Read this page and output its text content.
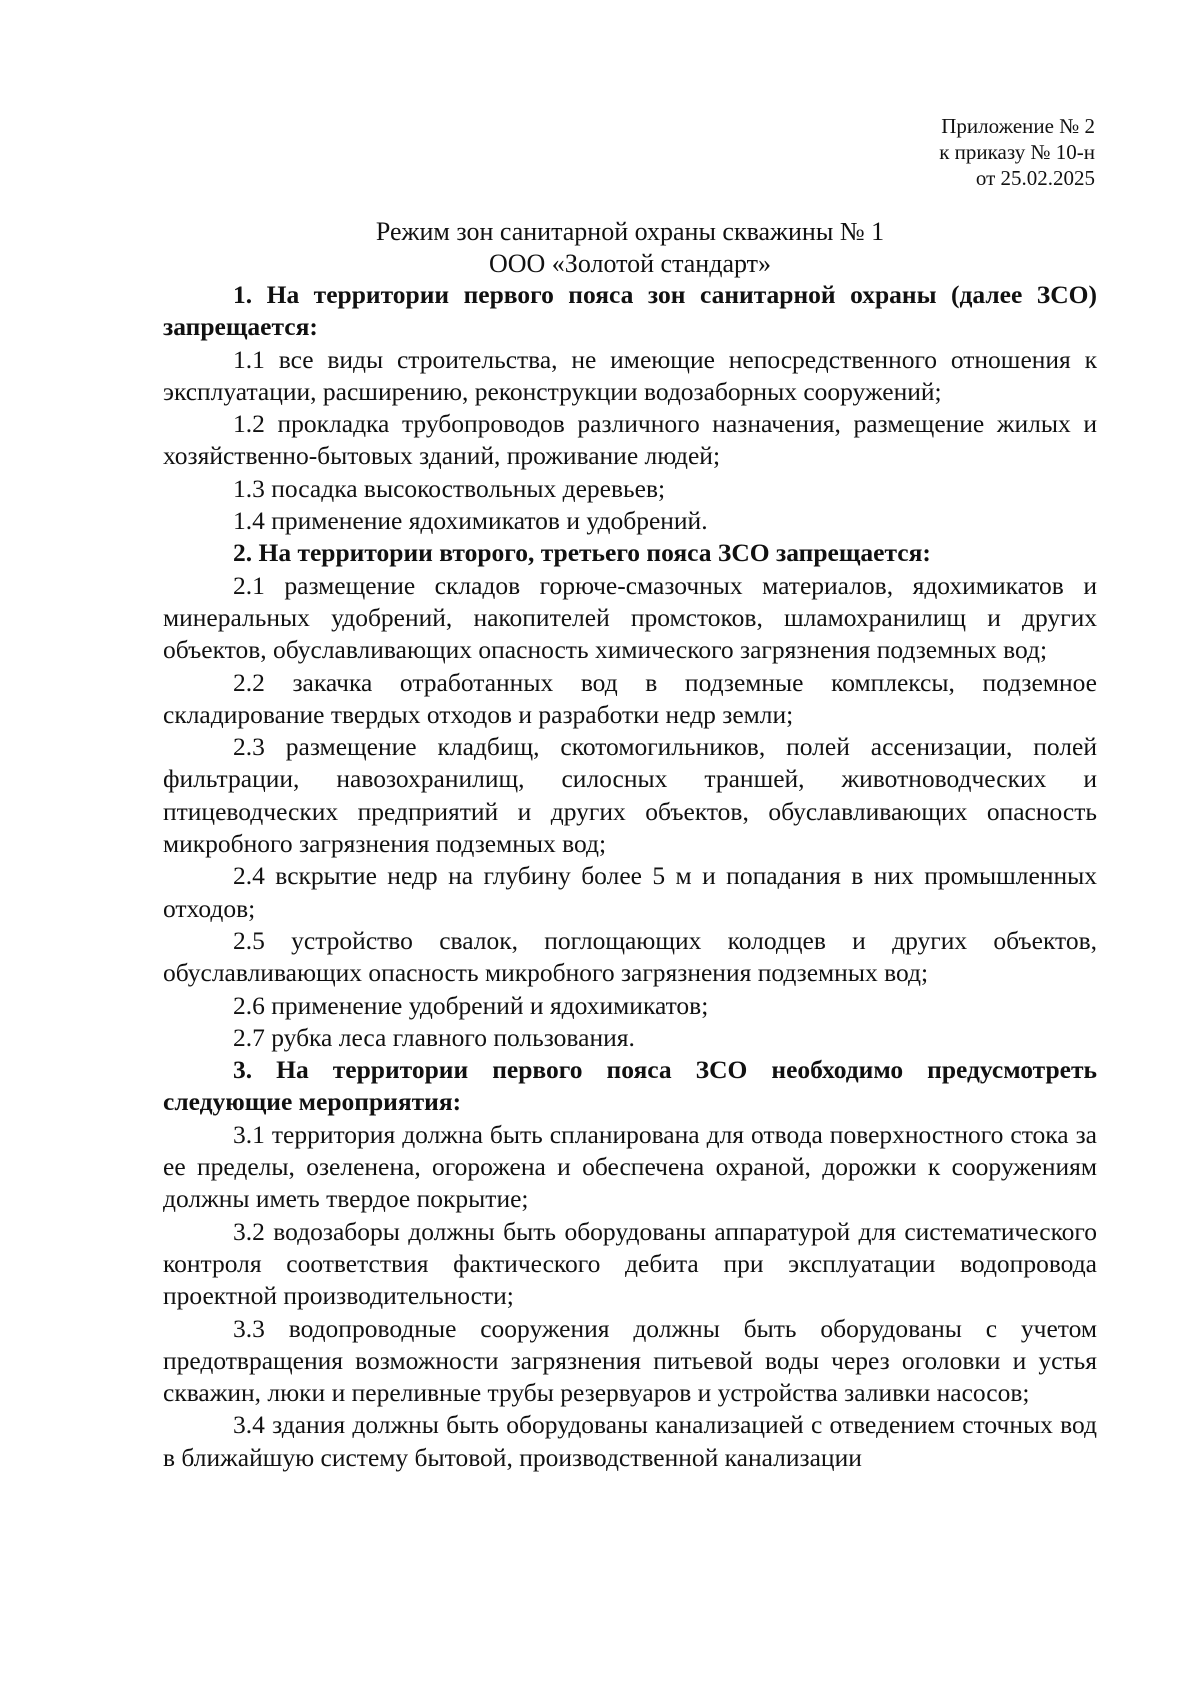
Приложение № 2
к приказу № 10-н
от 25.02.2025
Режим зон санитарной охраны скважины № 1
ООО «Золотой стандарт»

1. На территории первого пояса зон санитарной охраны (далее ЗСО) запрещается:

1.1 все виды строительства, не имеющие непосредственного отношения к эксплуатации, расширению, реконструкции водозаборных сооружений;

1.2 прокладка трубопроводов различного назначения, размещение жилых и хозяйственно-бытовых зданий, проживание людей;

1.3 посадка высокоствольных деревьев;

1.4 применение ядохимикатов и удобрений.

2. На территории второго, третьего пояса ЗСО запрещается:

2.1 размещение складов горюче-смазочных материалов, ядохимикатов и минеральных удобрений, накопителей промстоков, шламохранилищ и других объектов, обуславливающих опасность химического загрязнения подземных вод;

2.2 закачка отработанных вод в подземные комплексы, подземное складирование твердых отходов и разработки недр земли;

2.3 размещение кладбищ, скотомогильников, полей ассенизации, полей фильтрации, навозохранилищ, силосных траншей, животноводческих и птицеводческих предприятий и других объектов, обуславливающих опасность микробного загрязнения подземных вод;

2.4 вскрытие недр на глубину более 5 м и попадания в них промышленных отходов;

2.5 устройство свалок, поглощающих колодцев и других объектов, обуславливающих опасность микробного загрязнения подземных вод;

2.6 применение удобрений и ядохимикатов;

2.7 рубка леса главного пользования.

3. На территории первого пояса ЗСО необходимо предусмотреть следующие мероприятия:

3.1 территория должна быть спланирована для отвода поверхностного стока за ее пределы, озеленена, огорожена и обеспечена охраной, дорожки к сооружениям должны иметь твердое покрытие;

3.2 водозаборы должны быть оборудованы аппаратурой для систематического контроля соответствия фактического дебита при эксплуатации водопровода проектной производительности;

3.3 водопроводные сооружения должны быть оборудованы с учетом предотвращения возможности загрязнения питьевой воды через оголовки и устья скважин, люки и переливные трубы резервуаров и устройства заливки насосов;

3.4 здания должны быть оборудованы канализацией с отведением сточных вод в ближайшую систему бытовой, производственной канализации
